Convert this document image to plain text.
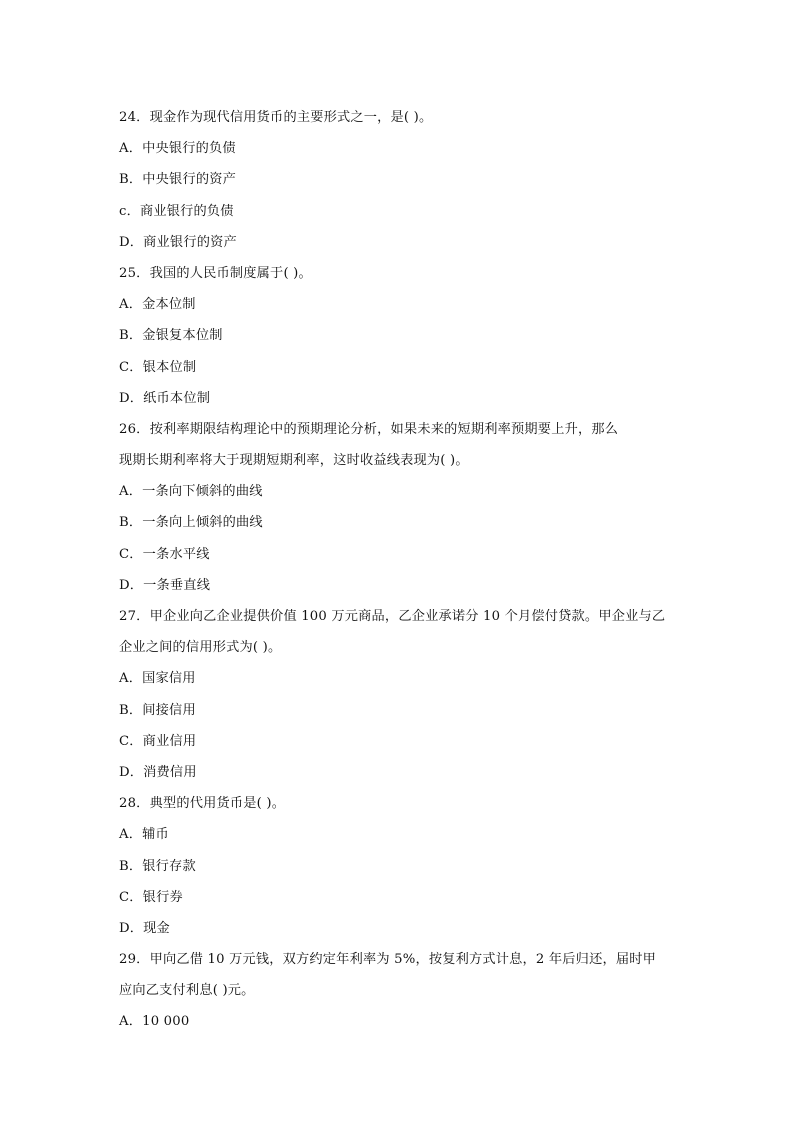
24．现金作为现代信用货币的主要形式之一，是( )。
A．中央银行的负债
B．中央银行的资产
c．商业银行的负债
D．商业银行的资产
25．我国的人民币制度属于( )。
A．金本位制
B．金银复本位制
C．银本位制
D．纸币本位制
26．按利率期限结构理论中的预期理论分析，如果未来的短期利率预期要上升，那么
现期长期利率将大于现期短期利率，这时收益线表现为( )。
A．一条向下倾斜的曲线
B．一条向上倾斜的曲线
C．一条水平线
D．一条垂直线
27．甲企业向乙企业提供价值 100 万元商品，乙企业承诺分 10 个月偿付贷款。甲企业与乙
企业之间的信用形式为( )。
A．国家信用
B．间接信用
C．商业信用
D．消费信用
28．典型的代用货币是( )。
A．辅币
B．银行存款
C．银行券
D．现金
29．甲向乙借 10 万元钱，双方约定年利率为 5%，按复利方式计息，2 年后归还，届时甲
应向乙支付利息( )元。
A．10 000
